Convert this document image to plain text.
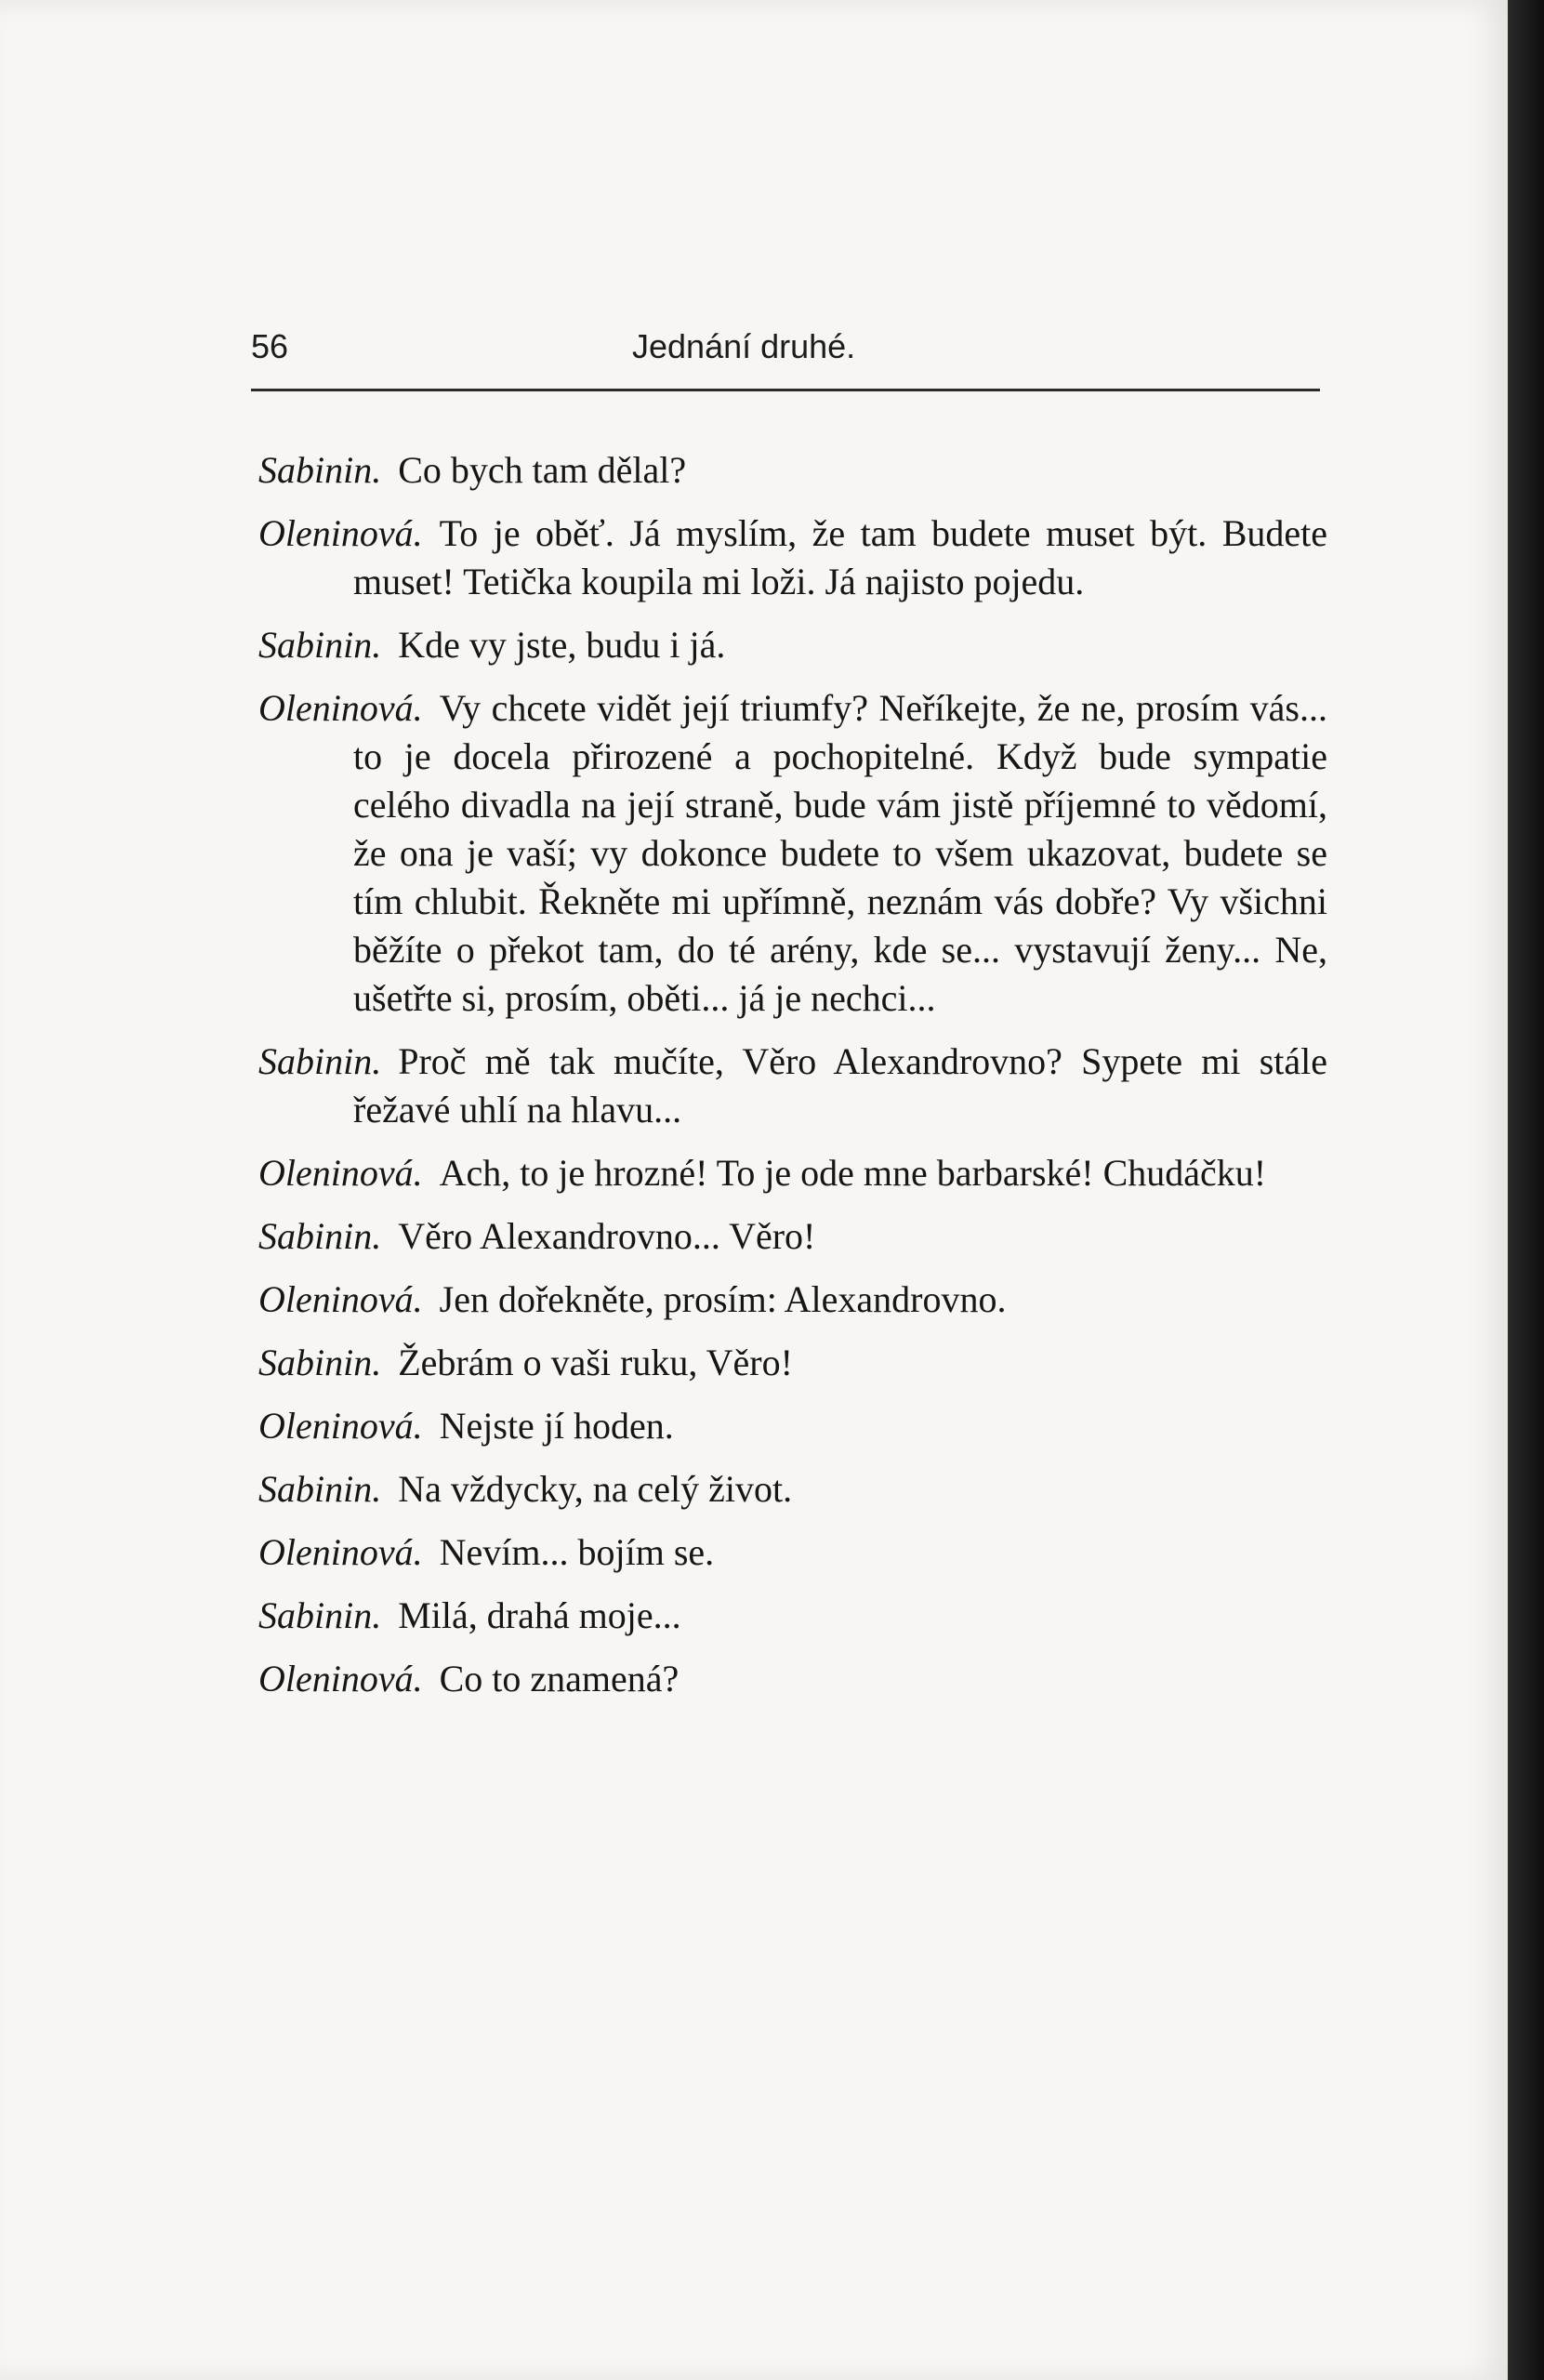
56	Jednání druhé.

Sabinin. Co bych tam dělal?

Oleninová. To je oběť. Já myslím, že tam budete muset být. Budete muset! Tetička koupila mi loži. Já najisto pojedu.

Sabinin. Kde vy jste, budu i já.

Oleninová. Vy chcete vidět její triumfy? Neříkejte, že ne, prosím vás... to je docela přirozené a pochopitelné. Když bude sympatie celého divadla na její straně, bude vám jistě příjemné to vědomí, že ona je vaší; vy dokonce budete to všem ukazovat, budete se tím chlubit. Řekněte mi upřímně, neznám vás dobře? Vy všichni běžíte o překot tam, do té arény, kde se... vystavují ženy... Ne, ušetřte si, prosím, oběti... já je nechci...

Sabinin. Proč mě tak mučíte, Věro Alexandrovno? Sypete mi stále řežavé uhlí na hlavu...

Oleninová. Ach, to je hrozné! To je ode mne barbarské! Chudáčku!

Sabinin. Věro Alexandrovno... Věro!

Oleninová. Jen dořekněte, prosím: Alexandrovno.

Sabinin. Žebrám o vaši ruku, Věro!

Oleninová. Nejste jí hoden.

Sabinin. Na vždycky, na celý život.

Oleninová. Nevím... bojím se.

Sabinin. Milá, drahá moje...

Oleninová. Co to znamená?
